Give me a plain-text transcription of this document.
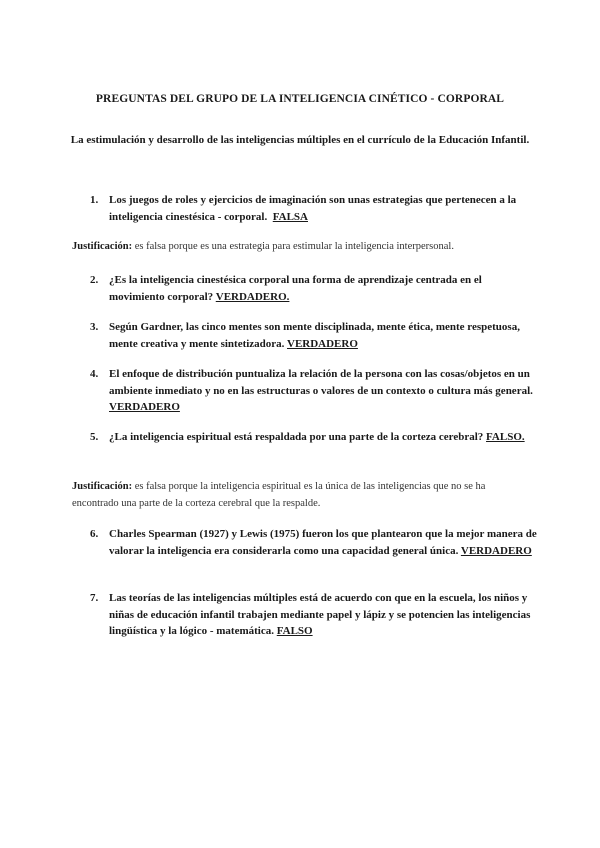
PREGUNTAS DEL GRUPO DE LA INTELIGENCIA CINÉTICO - CORPORAL
La estimulación y desarrollo de las inteligencias múltiples en el currículo de la Educación Infantil.
1. Los juegos de roles y ejercicios de imaginación son unas estrategias que pertenecen a la inteligencia cinestésica - corporal. FALSA
Justificación: es falsa porque es una estrategia para estimular la inteligencia interpersonal.
2. ¿Es la inteligencia cinestésica corporal una forma de aprendizaje centrada en el movimiento corporal? VERDADERO.
3. Según Gardner, las cinco mentes son mente disciplinada, mente ética, mente respetuosa, mente creativa y mente sintetizadora. VERDADERO
4. El enfoque de distribución puntualiza la relación de la persona con las cosas/objetos en un ambiente inmediato y no en las estructuras o valores de un contexto o cultura más general. VERDADERO
5. ¿La inteligencia espiritual está respaldada por una parte de la corteza cerebral? FALSO.
Justificación: es falsa porque la inteligencia espiritual es la única de las inteligencias que no se ha encontrado una parte de la corteza cerebral que la respalde.
6. Charles Spearman (1927) y Lewis (1975) fueron los que plantearon que la mejor manera de valorar la inteligencia era considerarla como una capacidad general única. VERDADERO
7. Las teorías de las inteligencias múltiples está de acuerdo con que en la escuela, los niños y niñas de educación infantil trabajen mediante papel y lápiz y se potencien las inteligencias lingüística y la lógico - matemática. FALSO
